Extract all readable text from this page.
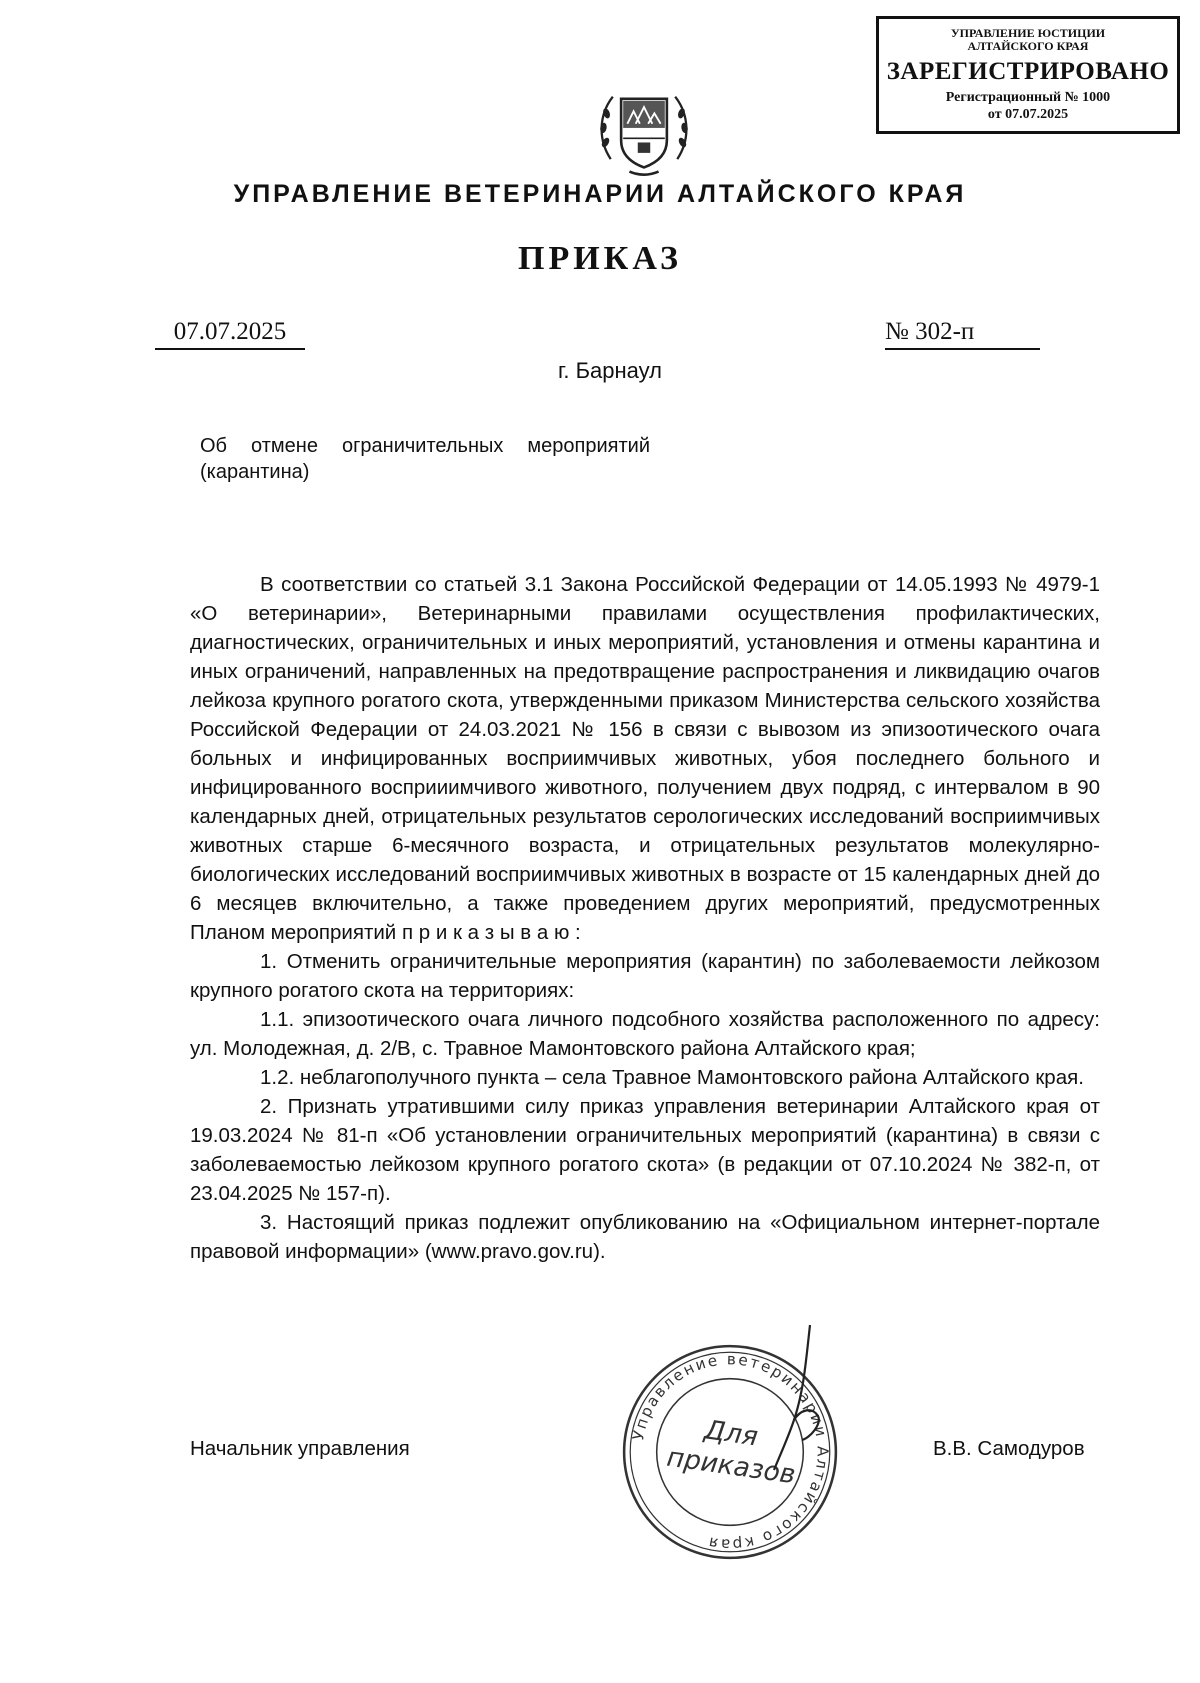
УПРАВЛЕНИЕ ЮСТИЦИИ
АЛТАЙСКОГО КРАЯ
ЗАРЕГИСТРИРОВАНО
Регистрационный № 1000
от 07.07.2025
УПРАВЛЕНИЕ ВЕТЕРИНАРИИ АЛТАЙСКОГО КРАЯ
ПРИКАЗ
07.07.2025	№ 302-п
г. Барнаул
Об отмене ограничительных мероприятий (карантина)

В соответствии со статьей 3.1 Закона Российской Федерации от 14.05.1993 № 4979-1 «О ветеринарии», Ветеринарными правилами осуществления профилактических, диагностических, ограничительных и иных мероприятий, установления и отмены карантина и иных ограничений, направленных на предотвращение распространения и ликвидацию очагов лейкоза крупного рогатого скота, утвержденными приказом Министерства сельского хозяйства Российской Федерации от 24.03.2021 № 156 в связи с вывозом из эпизоотического очага больных и инфицированных восприимчивых животных, убоя последнего больного и инфицированного восприиимчивого животного, получением двух подряд, с интервалом в 90 календарных дней, отрицательных результатов серологических исследований восприимчивых животных старше 6-месячного возраста, и отрицательных результатов молекулярно-биологических исследований восприимчивых животных в возрасте от 15 календарных дней до 6 месяцев включительно, а также проведением других мероприятий, предусмотренных Планом мероприятий п р и к а з ы в а ю :

1. Отменить ограничительные мероприятия (карантин) по заболеваемости лейкозом крупного рогатого скота на территориях:

1.1. эпизоотического очага личного подсобного хозяйства расположенного по адресу: ул. Молодежная, д. 2/В, с. Травное Мамонтовского района Алтайского края;

1.2. неблагополучного пункта – села Травное Мамонтовского района Алтайского края.

2. Признать утратившими силу приказ управления ветеринарии Алтайского края от 19.03.2024 № 81-п «Об установлении ограничительных мероприятий (карантина) в связи с заболеваемостью лейкозом крупного рогатого скота» (в редакции от 07.10.2024 № 382-п, от 23.04.2025 № 157-п).

3. Настоящий приказ подлежит опубликованию на «Официальном интернет-портале правовой информации» (www.pravo.gov.ru).

Начальник управления	В.В. Самодуров
Управление ветеринарии Алтайского края
Для
приказов
